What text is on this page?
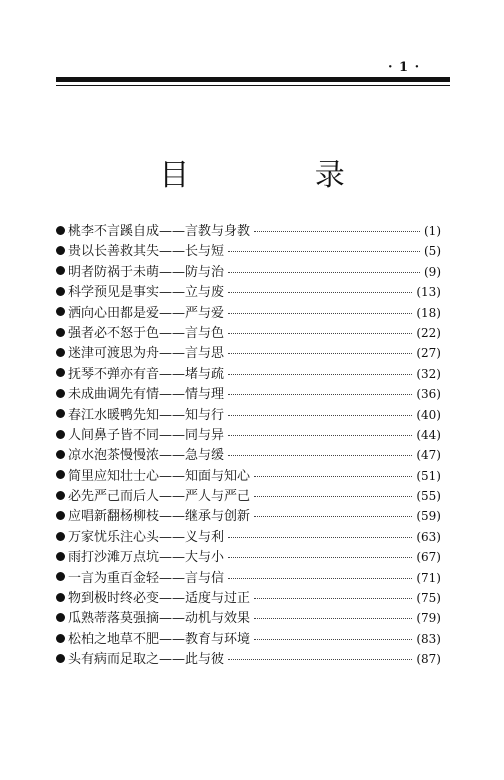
· 1 ·
目 录
桃李不言蹊自成——言教与身教	(1)
贵以长善救其失——长与短	(5)
明者防祸于未萌——防与治	(9)
科学预见是事实——立与废	(13)
洒向心田都是爱——严与爱	(18)
强者必不怒于色——言与色	(22)
迷津可渡思为舟——言与思	(27)
抚琴不弹亦有音——堵与疏	(32)
未成曲调先有情——情与理	(36)
春江水暖鸭先知——知与行	(40)
人间鼻子皆不同——同与异	(44)
凉水泡茶慢慢浓——急与缓	(47)
简里应知壮士心——知面与知心	(51)
必先严己而后人——严人与严己	(55)
应唱新翻杨柳枝——继承与创新	(59)
万家忧乐注心头——义与利	(63)
雨打沙滩万点坑——大与小	(67)
一言为重百金轻——言与信	(71)
物到极时终必变——适度与过正	(75)
瓜熟蒂落莫强摘——动机与效果	(79)
松柏之地草不肥——教育与环境	(83)
头有病而足取之——此与彼	(87)
